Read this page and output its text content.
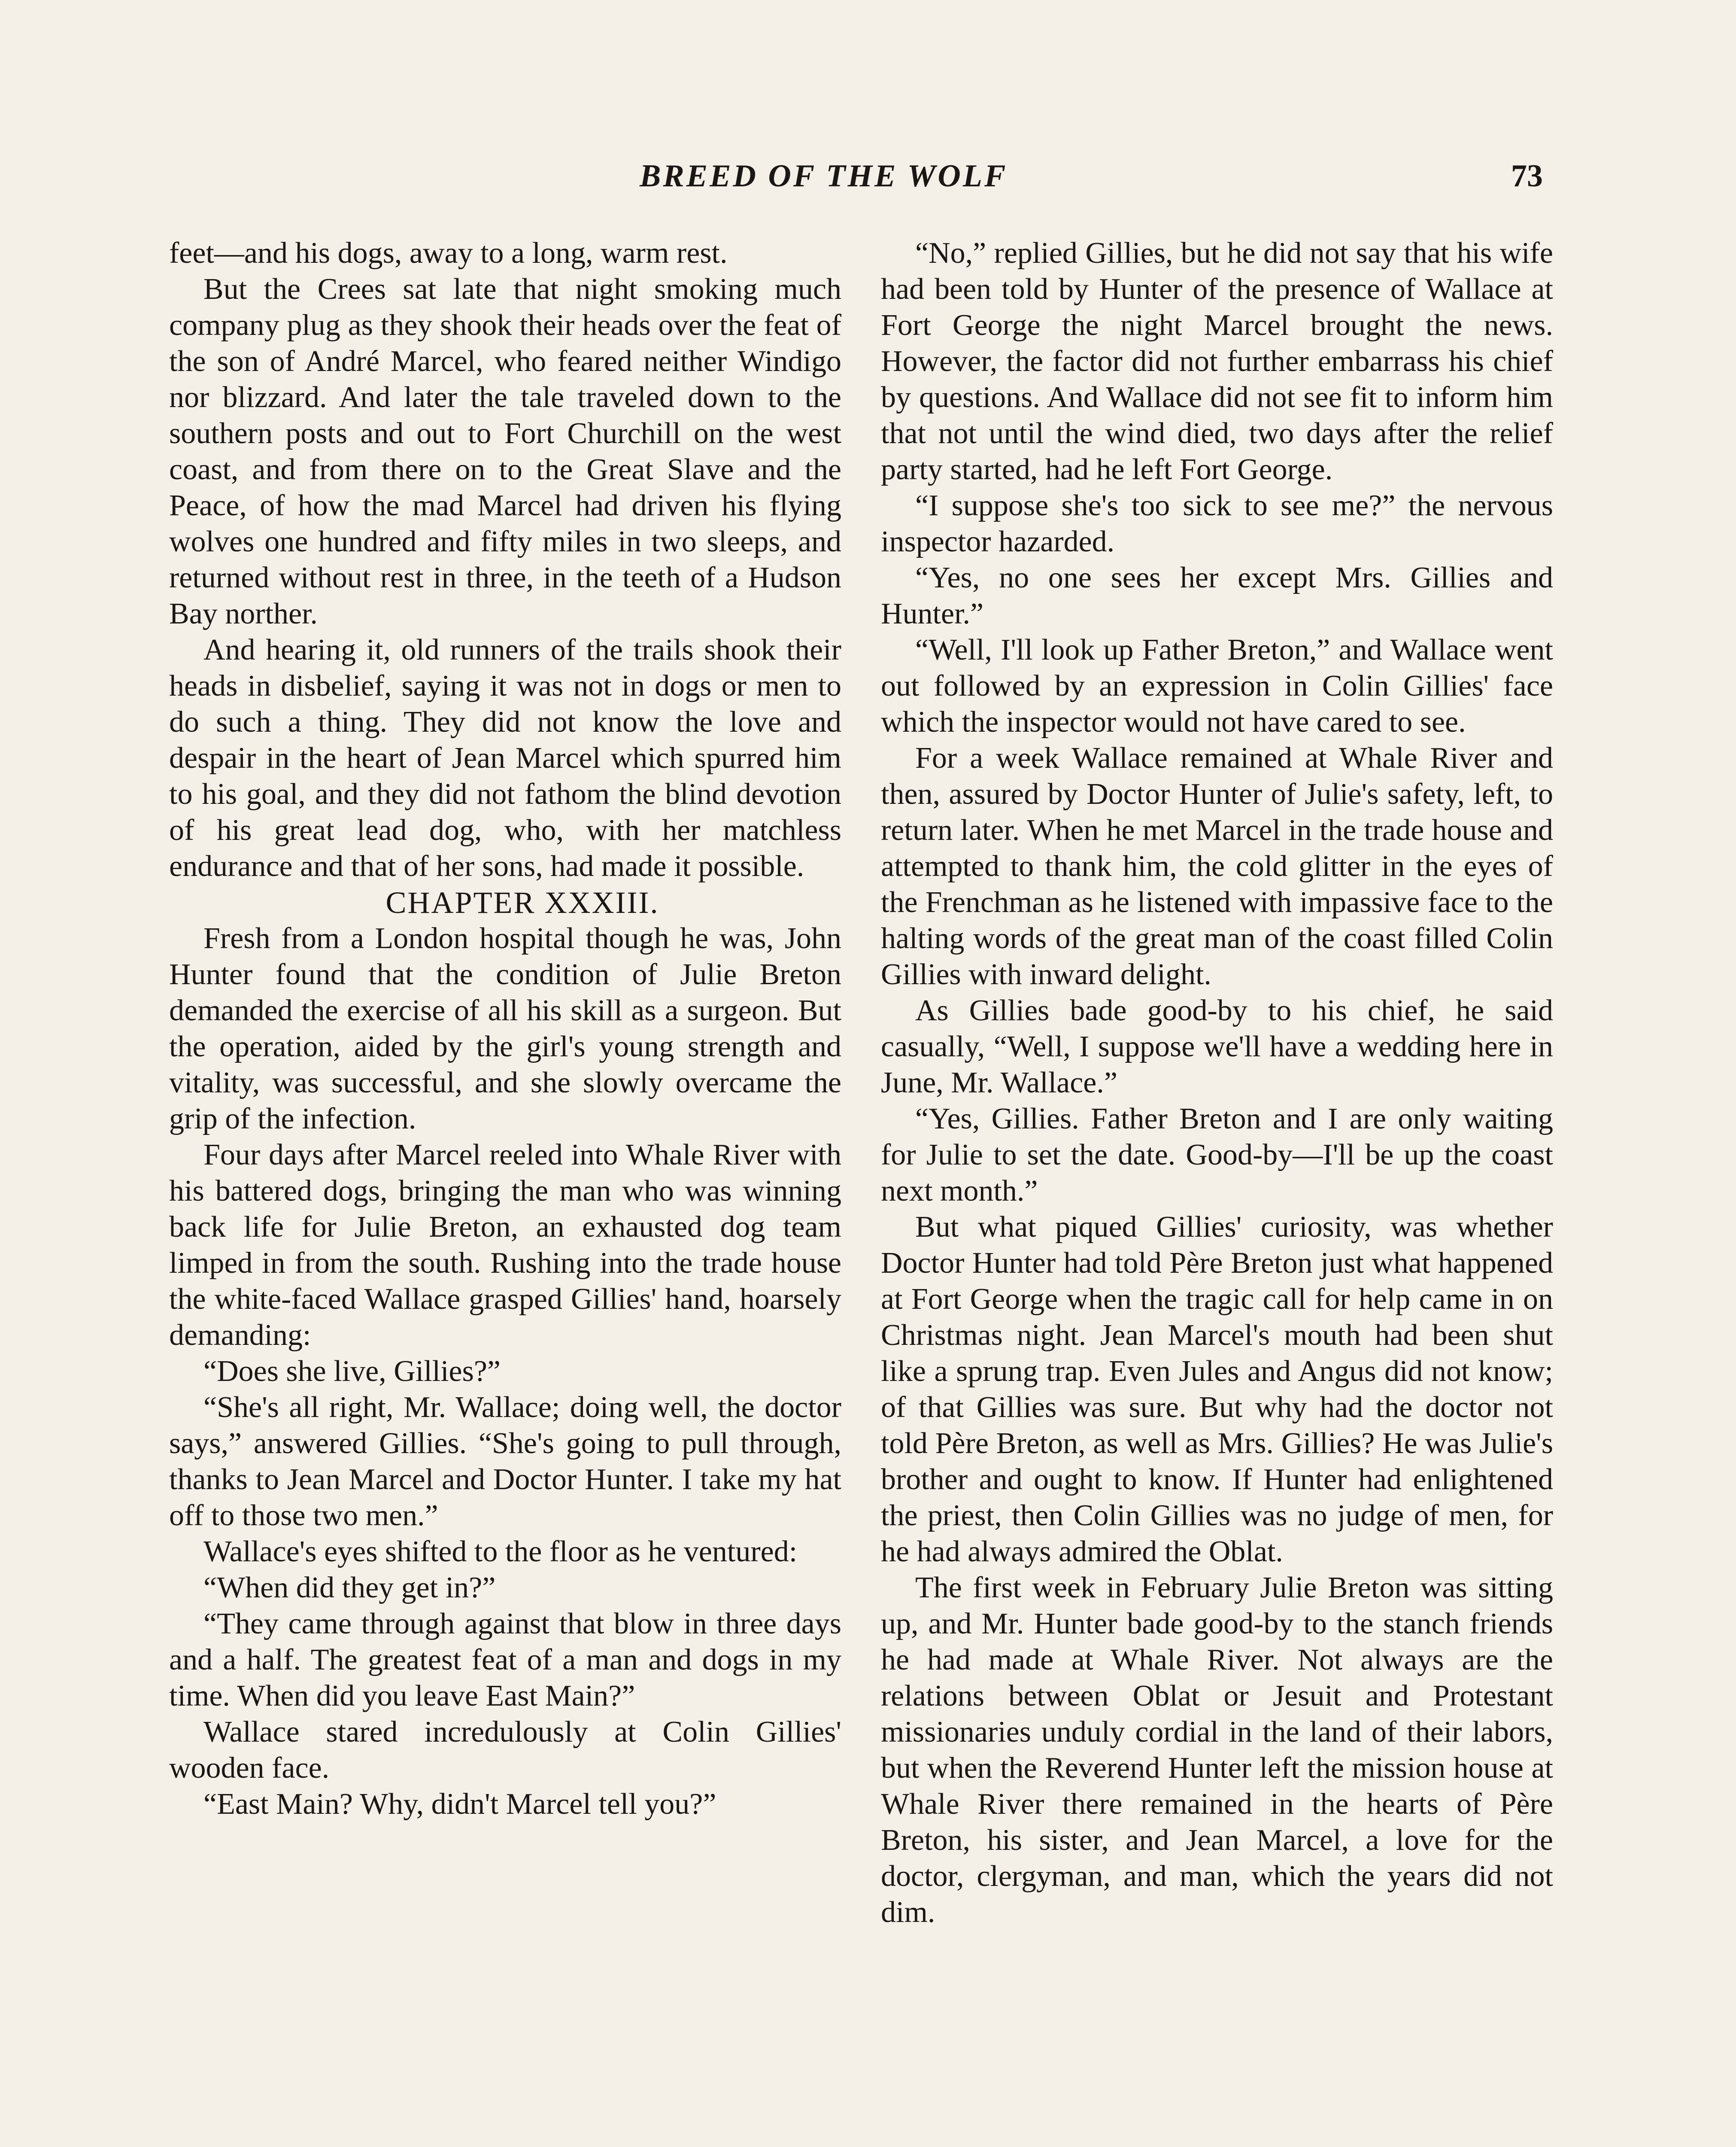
BREED OF THE WOLF	73

feet—and his dogs, away to a long, warm rest.

But the Crees sat late that night smoking much company plug as they shook their heads over the feat of the son of André Marcel, who feared neither Windigo nor blizzard. And later the tale traveled down to the southern posts and out to Fort Churchill on the west coast, and from there on to the Great Slave and the Peace, of how the mad Marcel had driven his flying wolves one hundred and fifty miles in two sleeps, and returned without rest in three, in the teeth of a Hudson Bay norther.

And hearing it, old runners of the trails shook their heads in disbelief, saying it was not in dogs or men to do such a thing. They did not know the love and despair in the heart of Jean Marcel which spurred him to his goal, and they did not fathom the blind devotion of his great lead dog, who, with her matchless endurance and that of her sons, had made it possible.

CHAPTER XXXIII.

Fresh from a London hospital though he was, John Hunter found that the condition of Julie Breton demanded the exercise of all his skill as a surgeon. But the operation, aided by the girl's young strength and vitality, was successful, and she slowly overcame the grip of the infection.

Four days after Marcel reeled into Whale River with his battered dogs, bringing the man who was winning back life for Julie Breton, an exhausted dog team limped in from the south. Rushing into the trade house the white-faced Wallace grasped Gillies' hand, hoarsely demanding:

“Does she live, Gillies?”

“She's all right, Mr. Wallace; doing well, the doctor says,” answered Gillies. “She's going to pull through, thanks to Jean Marcel and Doctor Hunter. I take my hat off to those two men.”

Wallace's eyes shifted to the floor as he ventured:

“When did they get in?”

“They came through against that blow in three days and a half. The greatest feat of a man and dogs in my time. When did you leave East Main?”

Wallace stared incredulously at Colin Gillies' wooden face.

“East Main? Why, didn't Marcel tell you?”

“No,” replied Gillies, but he did not say that his wife had been told by Hunter of the presence of Wallace at Fort George the night Marcel brought the news. However, the factor did not further embarrass his chief by questions. And Wallace did not see fit to inform him that not until the wind died, two days after the relief party started, had he left Fort George.

“I suppose she's too sick to see me?” the nervous inspector hazarded.

“Yes, no one sees her except Mrs. Gillies and Hunter.”

“Well, I'll look up Father Breton,” and Wallace went out followed by an expression in Colin Gillies' face which the inspector would not have cared to see.

For a week Wallace remained at Whale River and then, assured by Doctor Hunter of Julie's safety, left, to return later. When he met Marcel in the trade house and attempted to thank him, the cold glitter in the eyes of the Frenchman as he listened with impassive face to the halting words of the great man of the coast filled Colin Gillies with inward delight.

As Gillies bade good-by to his chief, he said casually, “Well, I suppose we'll have a wedding here in June, Mr. Wallace.”

“Yes, Gillies. Father Breton and I are only waiting for Julie to set the date. Good-by—I'll be up the coast next month.”

But what piqued Gillies' curiosity, was whether Doctor Hunter had told Père Breton just what happened at Fort George when the tragic call for help came in on Christmas night. Jean Marcel's mouth had been shut like a sprung trap. Even Jules and Angus did not know; of that Gillies was sure. But why had the doctor not told Père Breton, as well as Mrs. Gillies? He was Julie's brother and ought to know. If Hunter had enlightened the priest, then Colin Gillies was no judge of men, for he had always admired the Oblat.

The first week in February Julie Breton was sitting up, and Mr. Hunter bade good-by to the stanch friends he had made at Whale River. Not always are the relations between Oblat or Jesuit and Protestant missionaries unduly cordial in the land of their labors, but when the Reverend Hunter left the mission house at Whale River there remained in the hearts of Père Breton, his sister, and Jean Marcel, a love for the doctor, clergyman, and man, which the years did not dim.
